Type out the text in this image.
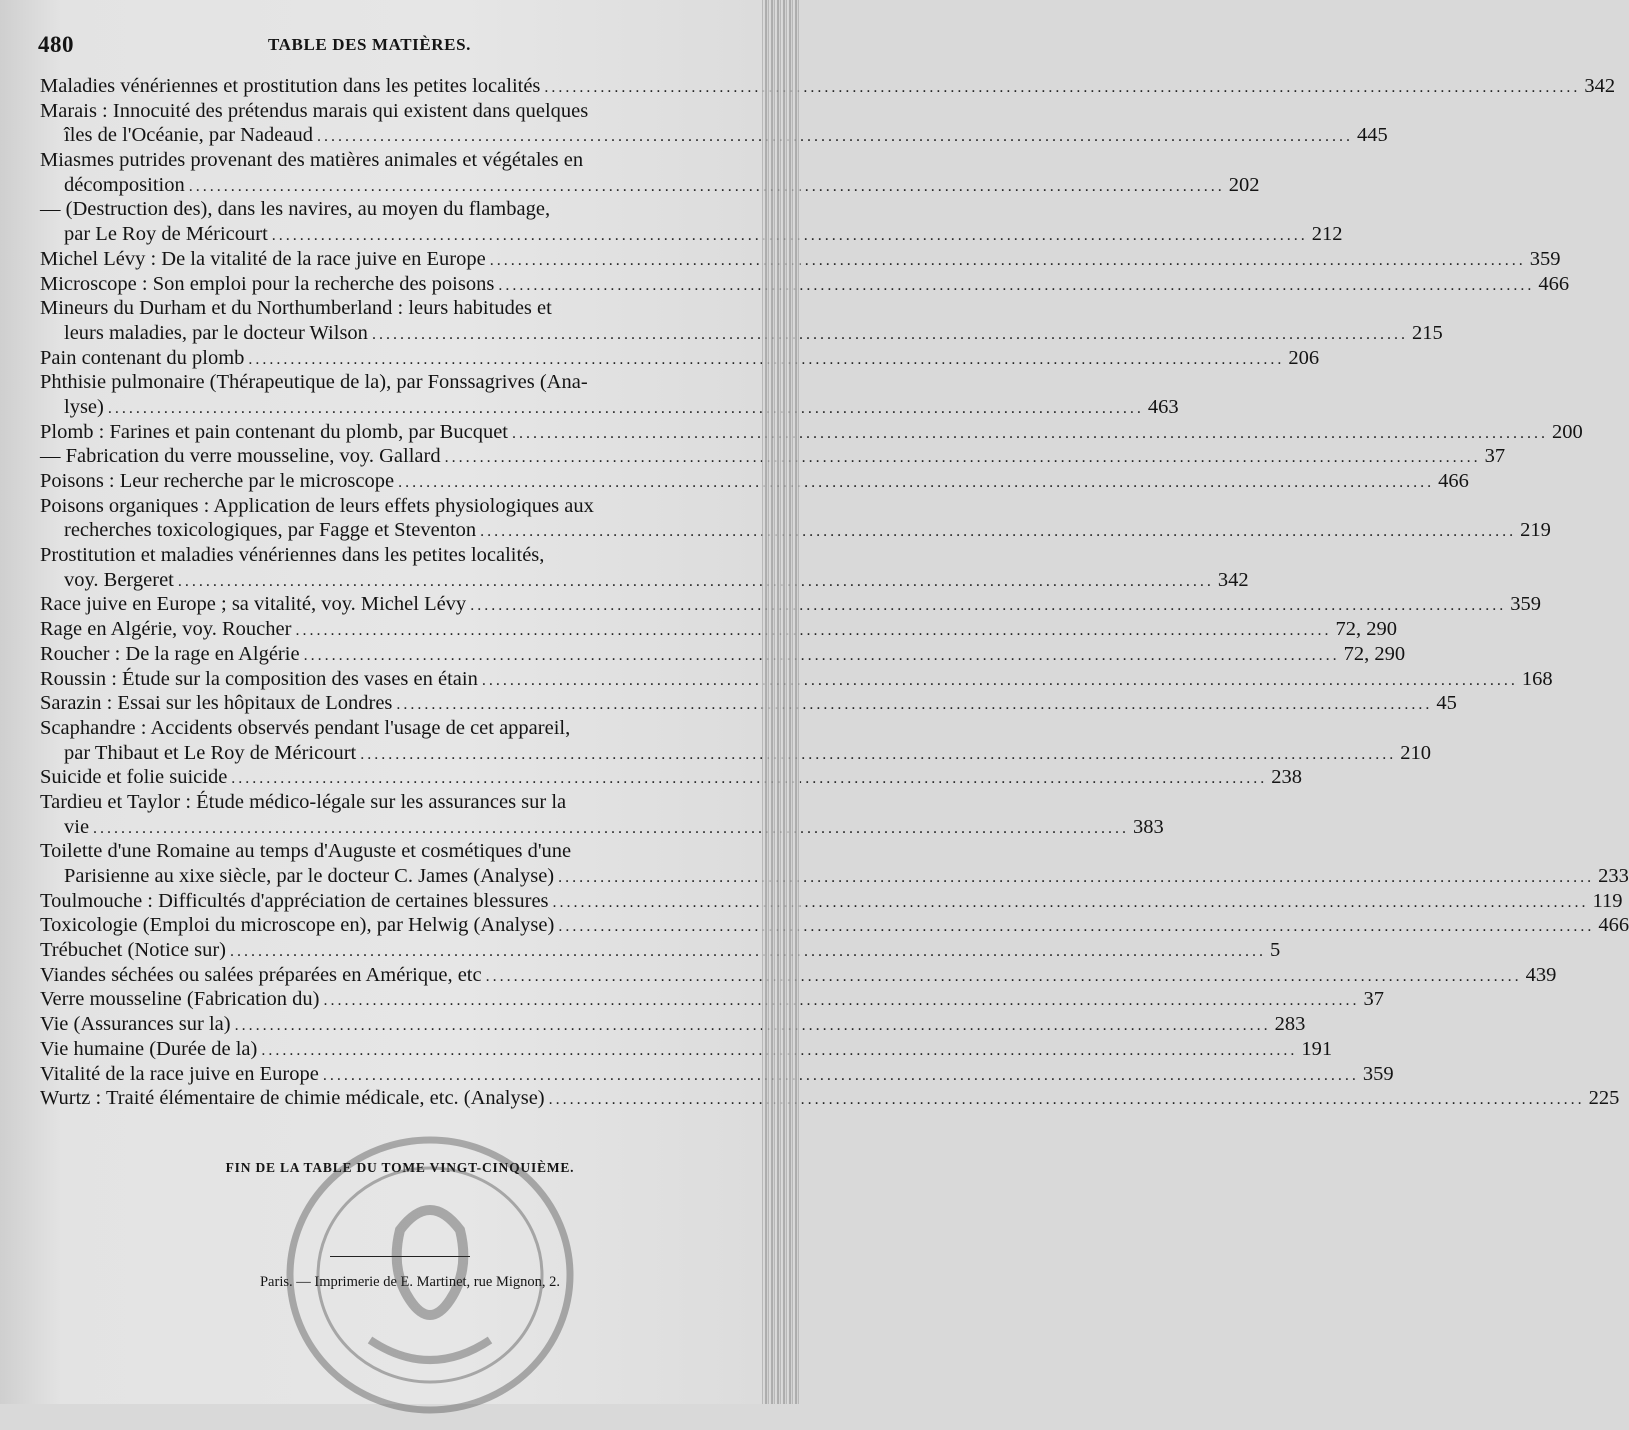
480	TABLE DES MATIÈRES.
Maladies vénériennes et prostitution dans les petites localités .....	342
Marais : Innocuité des prétendus marais qui existent dans quelques
îles de l'Océanie, par Nadeaud .....	445
Miasmes putrides provenant des matières animales et végétales en
décomposition .....	202
— (Destruction des), dans les navires, au moyen du flambage,
par Le Roy de Méricourt .....	212
Michel Lévy : De la vitalité de la race juive en Europe .....	359
Microscope : Son emploi pour la recherche des poisons .....	466
Mineurs du Durham et du Northumberland : leurs habitudes et
leurs maladies, par le docteur Wilson .....	215
Pain contenant du plomb .....	206
Phthisie pulmonaire (Thérapeutique de la), par Fonssagrives (Ana-
lyse) .....	463
Plomb : Farines et pain contenant du plomb, par Bucquet .....	200
— Fabrication du verre mousseline, voy. Gallard .....	37
Poisons : Leur recherche par le microscope .....	466
Poisons organiques : Application de leurs effets physiologiques aux
recherches toxicologiques, par Fagge et Steventon .....	219
Prostitution et maladies vénériennes dans les petites localités,
voy. Bergeret .....	342
Race juive en Europe ; sa vitalité, voy. Michel Lévy .....	359
Rage en Algérie, voy. Roucher .....	72, 290
Roucher : De la rage en Algérie .....	72, 290
Roussin : Étude sur la composition des vases en étain .....	168
Sarazin : Essai sur les hôpitaux de Londres .....	45
Scaphandre : Accidents observés pendant l'usage de cet appareil,
par Thibaut et Le Roy de Méricourt .....	210
Suicide et folie suicide .....	238
Tardieu et Taylor : Étude médico-légale sur les assurances sur la
vie .....	383
Toilette d'une Romaine au temps d'Auguste et cosmétiques d'une
Parisienne au xixe siècle, par le docteur C. James (Analyse) .....	233
Toulmouche : Difficultés d'appréciation de certaines blessures .....	119
Toxicologie (Emploi du microscope en), par Helwig (Analyse) .....	466
Trébuchet (Notice sur) .....	5
Viandes séchées ou salées préparées en Amérique, etc .....	439
Verre mousseline (Fabrication du) .....	37
Vie (Assurances sur la) .....	283
Vie humaine (Durée de la) .....	191
Vitalité de la race juive en Europe .....	359
Wurtz : Traité élémentaire de chimie médicale, etc. (Analyse) .....	225
FIN DE LA TABLE DU TOME VINGT-CINQUIÈME.
Paris. — Imprimerie de E. Martinet, rue Mignon, 2.
